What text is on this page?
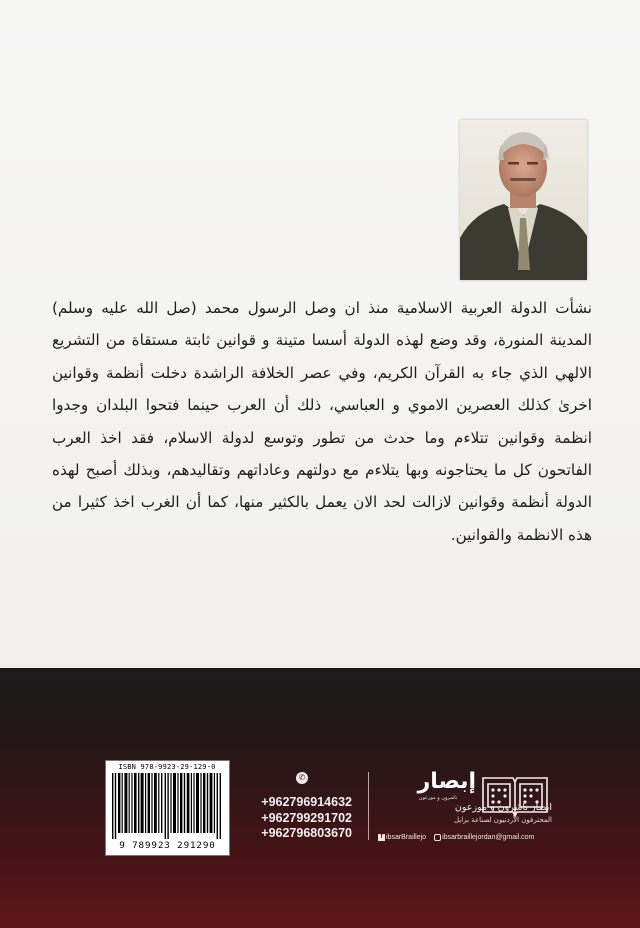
نشأت الدولة العربية الاسلامية منذ ان وصل الرسول محمد (صل الله عليه وسلم) المدينة المنورة، وقد وضع لهذه الدولة أسسا متينة و قوانين ثابتة مستقاة من التشريع الالهي الذي جاء به القرآن الكريم، وفي عصر الخلافة الراشدة دخلت أنظمة وقوانين اخرىٰ كذلك العصرين الاموي و العباسي، ذلك أن العرب حينما فتحوا البلدان وجدوا انظمة وقوانين تتلاءم وما حدث من تطور وتوسع لدولة الاسلام، فقد اخذ العرب الفاتحون كل ما يحتاجونه وبها يتلاءم مع دولتهم وعاداتهم وتقاليدهم، وبذلك أصبح لهذه الدولة أنظمة وقوانين لازالت لحد الان يعمل بالكثير منها، كما أن الغرب اخذ كثيرا من هذه الانظمة والقوانين.
ISBN 978-9923-29-129-0
9 789923 291290
✆
+962796914632
+962799291702
+962796803670
إبصار
ناشرون و موزعون
ابصار ناشرون و موزعون
المحترفون الأردنيون لصناعة برايل
f ibsarBraillejo ibsarbraillejordan@gmail.com
